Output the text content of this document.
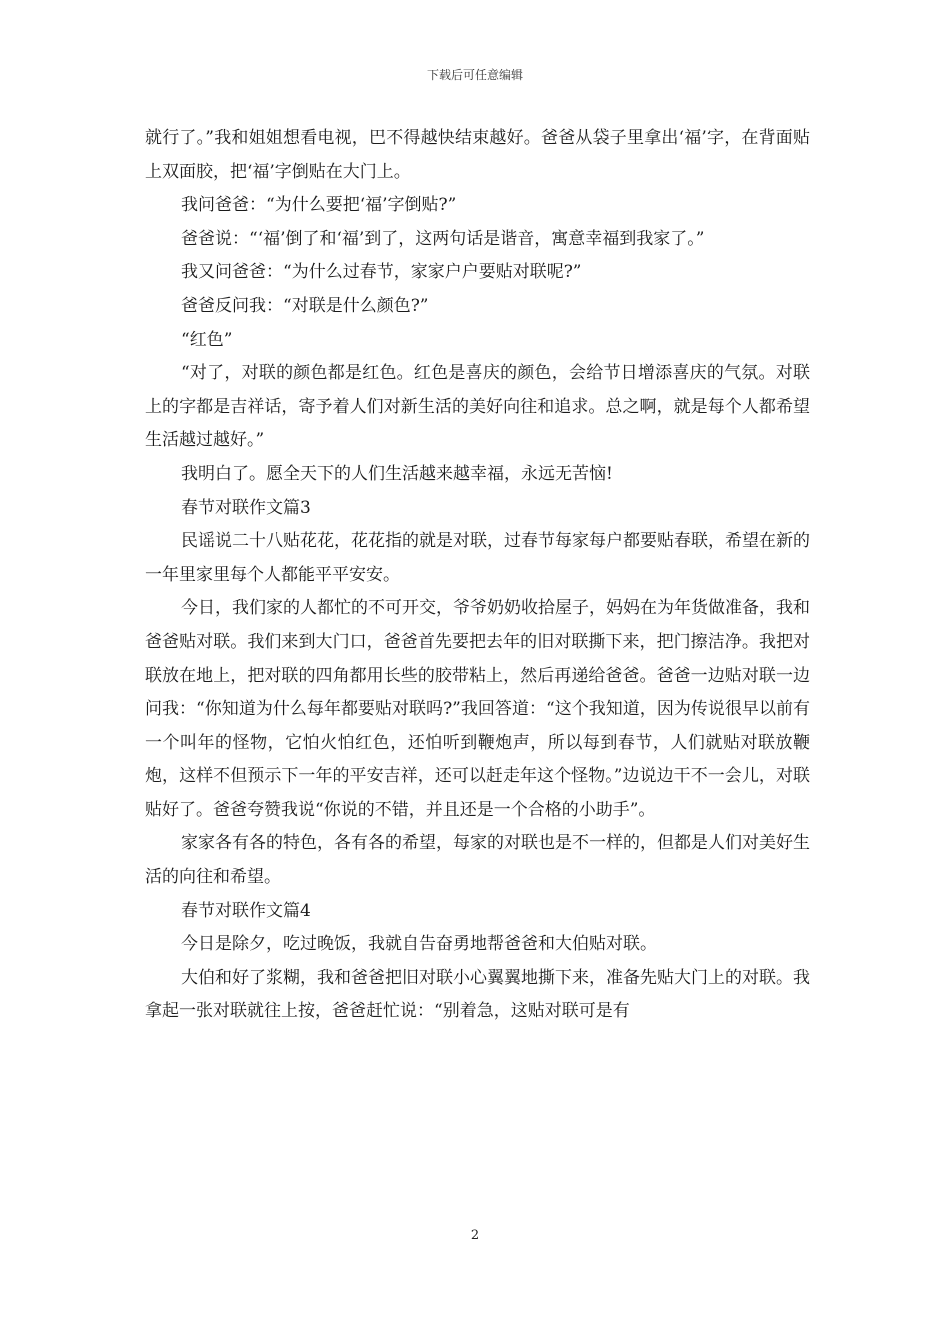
下载后可任意编辑

就行了。”我和姐姐想看电视，巴不得越快结束越好。爸爸从袋子里拿出‘福’字，在背面贴上双面胶，把‘福’字倒贴在大门上。

我问爸爸：“为什么要把‘福’字倒贴?”

爸爸说：“‘福’倒了和‘福’到了，这两句话是谐音，寓意幸福到我家了。”

我又问爸爸：“为什么过春节，家家户户要贴对联呢?”

爸爸反问我：“对联是什么颜色?”

“红色”

“对了，对联的颜色都是红色。红色是喜庆的颜色，会给节日增添喜庆的气氛。对联上的字都是吉祥话，寄予着人们对新生活的美好向往和追求。总之啊，就是每个人都希望生活越过越好。”

我明白了。愿全天下的人们生活越来越幸福，永远无苦恼!

春节对联作文篇3

民谣说二十八贴花花，花花指的就是对联，过春节每家每户都要贴春联，希望在新的一年里家里每个人都能平平安安。

今日，我们家的人都忙的不可开交，爷爷奶奶收拾屋子，妈妈在为年货做准备，我和爸爸贴对联。我们来到大门口，爸爸首先要把去年的旧对联撕下来，把门擦洁净。我把对联放在地上，把对联的四角都用长些的胶带粘上，然后再递给爸爸。爸爸一边贴对联一边问我：“你知道为什么每年都要贴对联吗?”我回答道：“这个我知道，因为传说很早以前有一个叫年的怪物，它怕火怕红色，还怕听到鞭炮声，所以每到春节，人们就贴对联放鞭炮，这样不但预示下一年的平安吉祥，还可以赶走年这个怪物。”边说边干不一会儿，对联贴好了。爸爸夸赞我说“你说的不错，并且还是一个合格的小助手”。

家家各有各的特色，各有各的希望，每家的对联也是不一样的，但都是人们对美好生活的向往和希望。

春节对联作文篇4

今日是除夕，吃过晚饭，我就自告奋勇地帮爸爸和大伯贴对联。

大伯和好了浆糊，我和爸爸把旧对联小心翼翼地撕下来，准备先贴大门上的对联。我拿起一张对联就往上按，爸爸赶忙说：“别着急，这贴对联可是有

2
